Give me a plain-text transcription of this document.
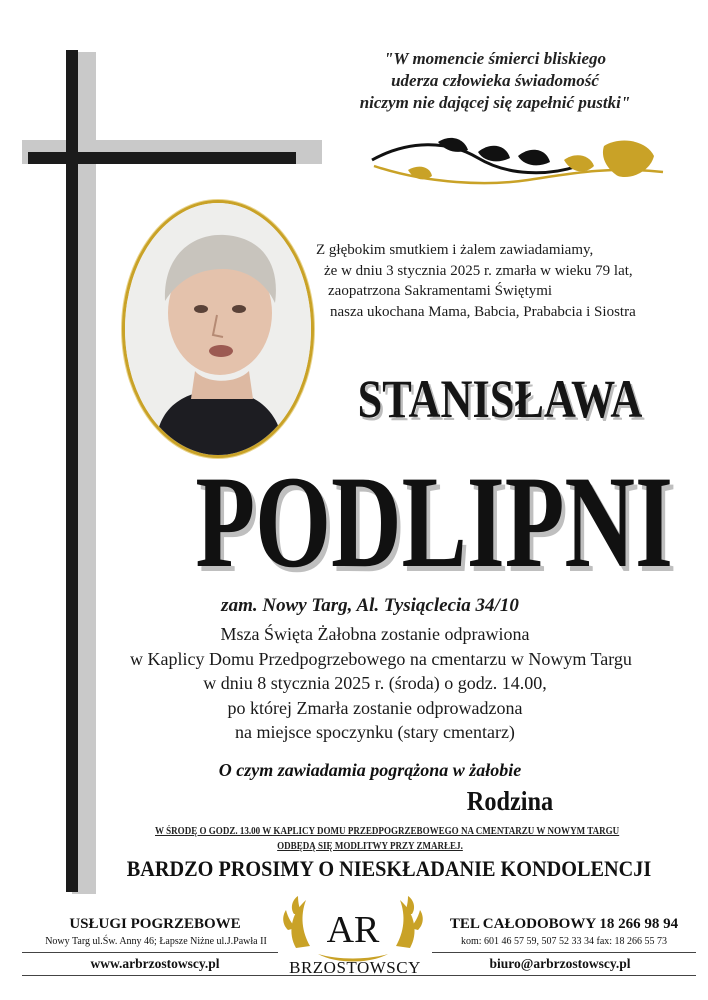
"W momencie śmierci bliskiego
uderza człowieka świadomość
niczym nie dającej się zapełnić pustki"
Z głębokim smutkiem i żalem zawiadamiamy,
że w dniu 3 stycznia 2025 r. zmarła w wieku 79 lat,
zaopatrzona Sakramentami Świętymi
nasza ukochana Mama, Babcia, Prababcia i Siostra
STANISŁAWA
PODLIPNI
zam. Nowy Targ, Al. Tysiąclecia 34/10
Msza Święta Żałobna zostanie odprawiona
w Kaplicy Domu Przedpogrzebowego na cmentarzu w Nowym Targu
w dniu 8 stycznia 2025 r. (środa) o godz. 14.00,
po której Zmarła zostanie odprowadzona
na miejsce spoczynku (stary cmentarz)
O czym zawiadamia pogrążona w żałobie
Rodzina
W ŚRODĘ O GODZ. 13.00 W KAPLICY DOMU PRZEDPOGRZEBOWEGO NA CMENTARZU W NOWYM TARGU
ODBĘDĄ SIĘ MODLITWY PRZY ZMARŁEJ.
BARDZO PROSIMY O NIESKŁADANIE KONDOLENCJI
USŁUGI POGRZEBOWE
Nowy Targ ul.Św. Anny 46; Łapsze Niżne ul.J.Pawła II
www.arbrzostowscy.pl
TEL CAŁODOBOWY 18 266 98 94
kom: 601 46 57 59, 507 52 33 34 fax: 18 266 55 73
biuro@arbrzostowscy.pl
AR
BRZOSTOWSCY
